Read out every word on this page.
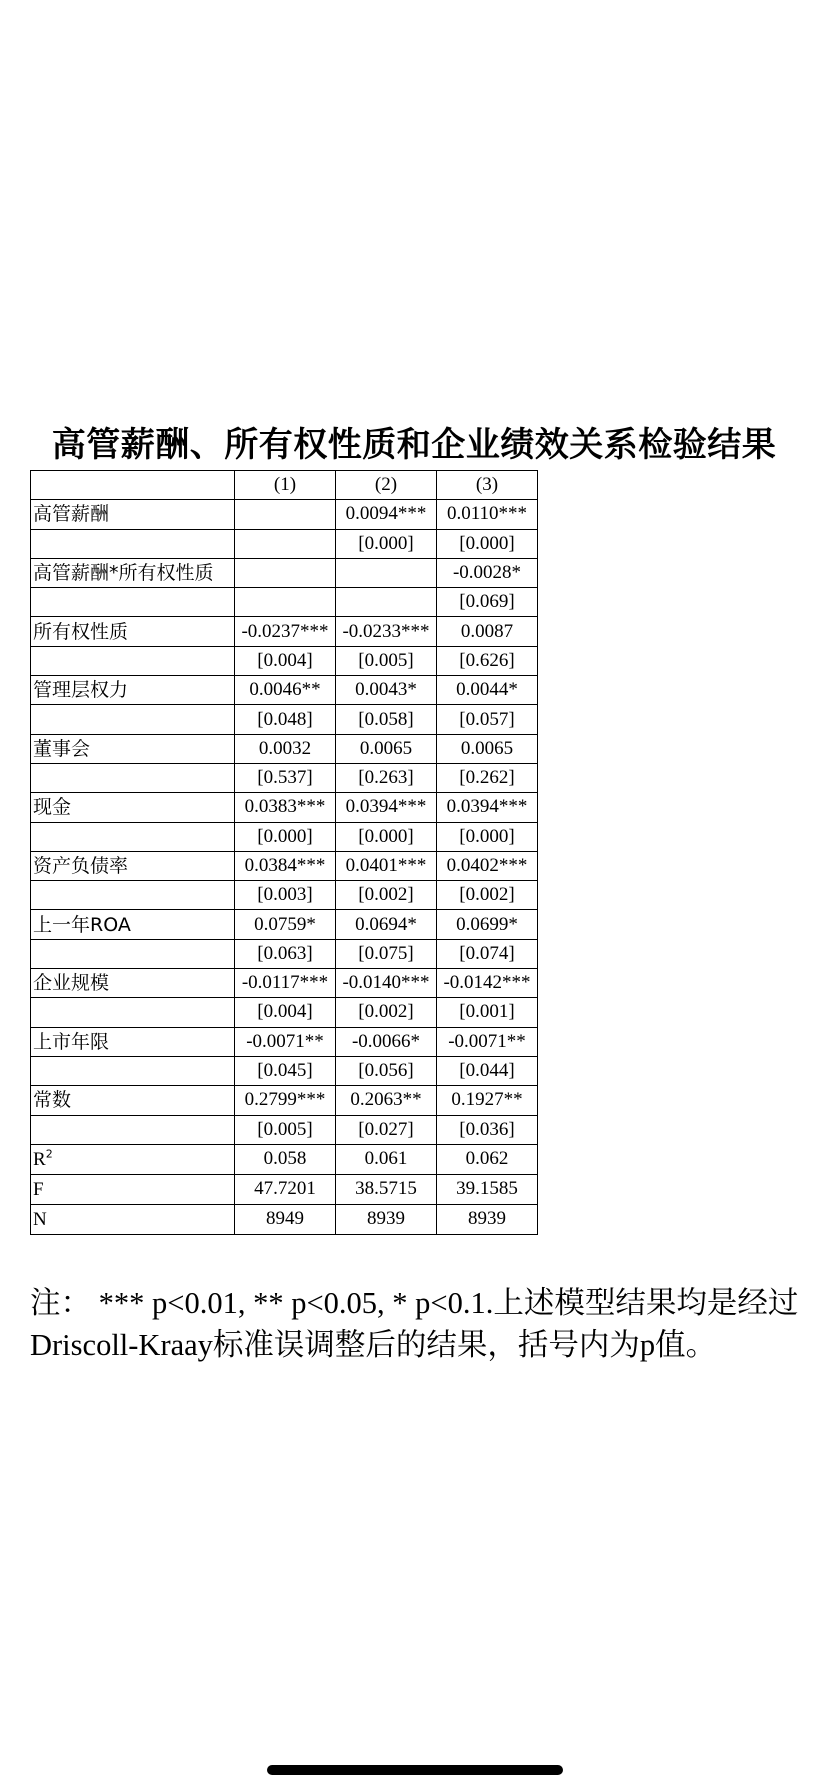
高管薪酬、所有权性质和企业绩效关系检验结果
	(1)	(2)	(3)
高管薪酬		0.0094***	0.0110***
		[0.000]	[0.000]
高管薪酬*所有权性质			-0.0028*
			[0.069]
所有权性质	-0.0237***	-0.0233***	0.0087
	[0.004]	[0.005]	[0.626]
管理层权力	0.0046**	0.0043*	0.0044*
	[0.048]	[0.058]	[0.057]
董事会	0.0032	0.0065	0.0065
	[0.537]	[0.263]	[0.262]
现金	0.0383***	0.0394***	0.0394***
	[0.000]	[0.000]	[0.000]
资产负债率	0.0384***	0.0401***	0.0402***
	[0.003]	[0.002]	[0.002]
上一年ROA	0.0759*	0.0694*	0.0699*
	[0.063]	[0.075]	[0.074]
企业规模	-0.0117***	-0.0140***	-0.0142***
	[0.004]	[0.002]	[0.001]
上市年限	-0.0071**	-0.0066*	-0.0071**
	[0.045]	[0.056]	[0.044]
常数	0.2799***	0.2063**	0.1927**
	[0.005]	[0.027]	[0.036]
$R^2$	0.058	0.061	0.062
F	47.7201	38.5715	39.1585
N	8949	8939	8939
注： *** p<0.01, ** p<0.05, * p<0.1.上述模型结果均是经过Driscoll-Kraay标准误调整后的结果，括号内为p值。
